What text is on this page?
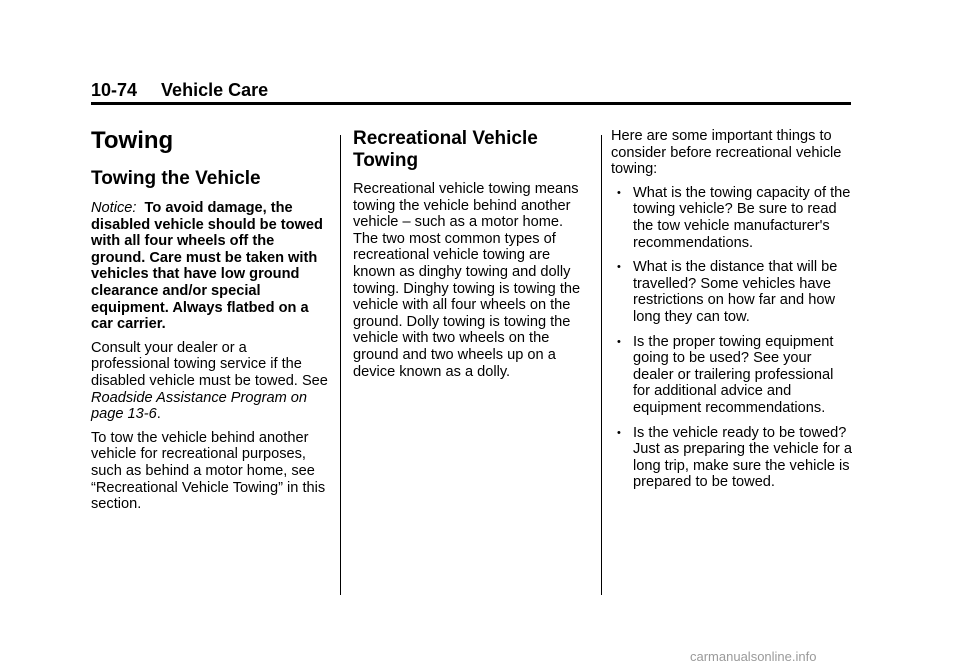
10-74 Vehicle Care
Towing
Towing the Vehicle

Notice: To avoid damage, the disabled vehicle should be towed with all four wheels off the ground. Care must be taken with vehicles that have low ground clearance and/or special equipment. Always flatbed on a car carrier.

Consult your dealer or a professional towing service if the disabled vehicle must be towed. See Roadside Assistance Program on page 13-6.

To tow the vehicle behind another vehicle for recreational purposes, such as behind a motor home, see “Recreational Vehicle Towing” in this section.

Recreational Vehicle Towing

Recreational vehicle towing means towing the vehicle behind another vehicle – such as a motor home. The two most common types of recreational vehicle towing are known as dinghy towing and dolly towing. Dinghy towing is towing the vehicle with all four wheels on the ground. Dolly towing is towing the vehicle with two wheels on the ground and two wheels up on a device known as a dolly.

Here are some important things to consider before recreational vehicle towing:

• What is the towing capacity of the towing vehicle? Be sure to read the tow vehicle manufacturer's recommendations.
• What is the distance that will be travelled? Some vehicles have restrictions on how far and how long they can tow.
• Is the proper towing equipment going to be used? See your dealer or trailering professional for additional advice and equipment recommendations.
• Is the vehicle ready to be towed? Just as preparing the vehicle for a long trip, make sure the vehicle is prepared to be towed.
carmanualsonline.info
